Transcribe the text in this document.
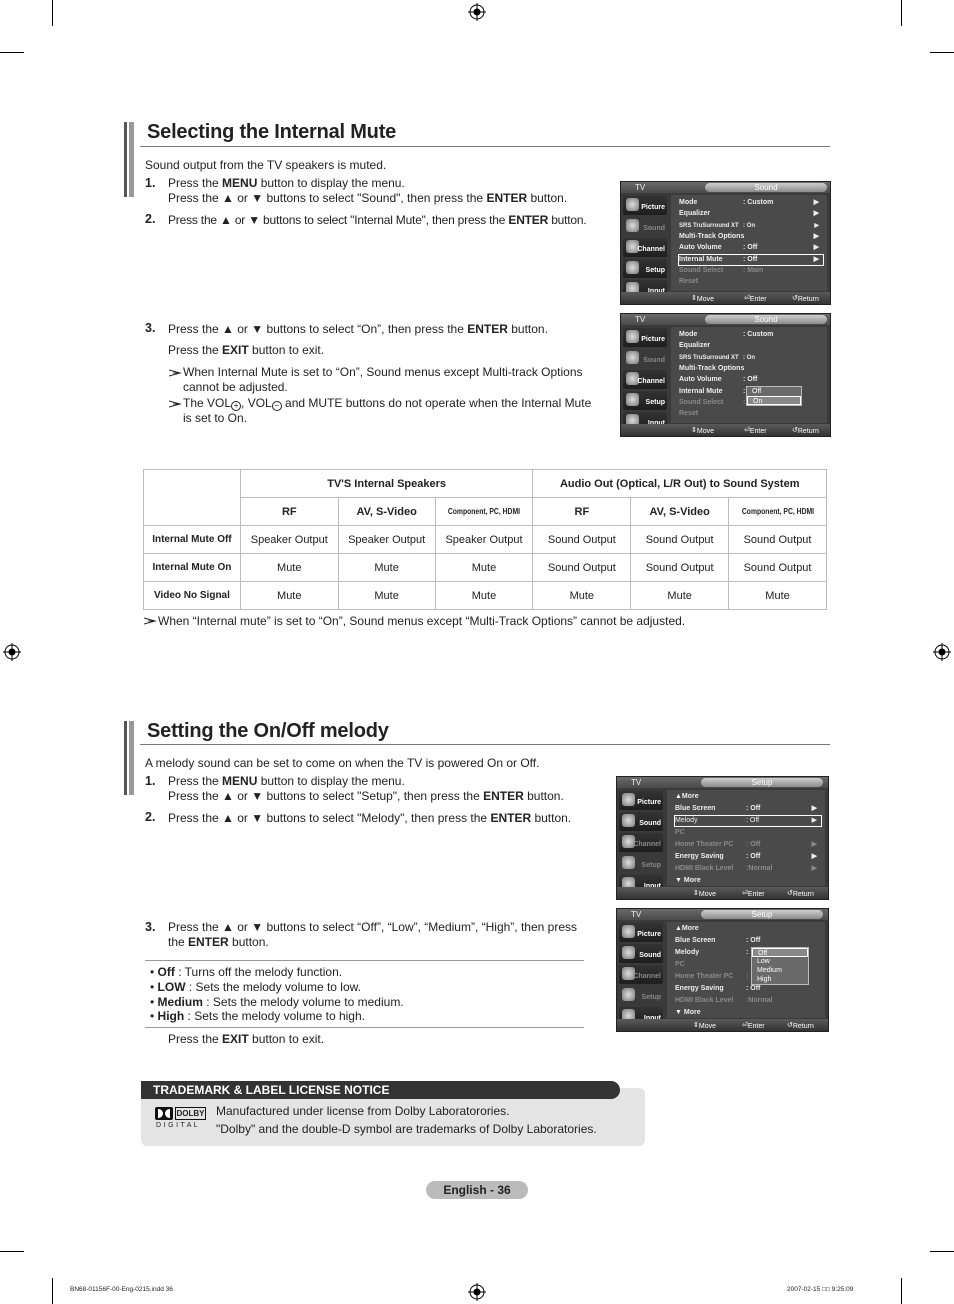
Selecting the Internal Mute
Sound output from the TV speakers is muted.
1. Press the MENU button to display the menu.
Press the ▲ or ▼ buttons to select "Sound", then press the ENTER button.
2. Press the ▲ or ▼ buttons to select "Internal Mute", then press the ENTER button.
3. Press the ▲ or ▼ buttons to select “On”, then press the ENTER button.
Press the EXIT button to exit.
When Internal Mute is set to “On”, Sound menus except Multi-track Options
cannot be adjusted.
The VOL + , VOL − and MUTE buttons do not operate when the Internal Mute
is set to On.
TV	Sound
Picture
Sound
Channel
Setup
Mode	: Custom	▶
Equalizer	▶
SRS TruSurround XT : On	▶
Multi-Track Options	▶
Auto Volume	: Off	▶
Internal Mute	: Off	▶
Sound Select	: Main
Reset
⇕ Move	⏎ Enter	↺ Return
TV	Sound
Picture
Sound
Channel
Setup
Mode	: Custom
Equalizer
SRS TruSurround XT : On
Multi-Track Options
Auto Volume	: Off
Internal Mute	:
Sound Select	:
Reset
Off
On
⇕ Move	⏎ Enter	↺ Return
	TV'S Internal Speakers			Audio Out (Optical, L/R Out) to Sound System		
	RF	AV, S-Video	Component, PC, HDMI	RF	AV, S-Video	Component, PC, HDMI
Internal Mute Off	Speaker Output	Speaker Output	Speaker Output	Sound Output	Sound Output	Sound Output
Internal Mute On	Mute	Mute	Mute	Sound Output	Sound Output	Sound Output
Video No Signal	Mute	Mute	Mute	Mute	Mute	Mute
When “Internal mute” is set to “On”, Sound menus except “Multi-Track Options” cannot be adjusted.
Setting the On/Off melody
A melody sound can be set to come on when the TV is powered On or Off.
1. Press the MENU button to display the menu.
Press the ▲ or ▼ buttons to select "Setup", then press the ENTER button.
2. Press the ▲ or ▼ buttons to select "Melody", then press the ENTER button.
3. Press the ▲ or ▼ buttons to select “Off”, “Low”, “Medium”, “High”, then press
the ENTER button.
• Off : Turns off the melody function.
• LOW : Sets the melody volume to low.
• Medium : Sets the melody volume to medium.
• High : Sets the melody volume to high.
Press the EXIT button to exit.
TV	Setup
Picture
Sound
Channel
Setup
▲More
Blue Screen	: Off	▶
Melody	: Off	▶
PC
Home Theater PC : Off	▶
Energy Saving	: Off	▶
HDMI Black Level :Normal	▶
▼ More
⇕ Move	⏎ Enter	↺ Return
TV	Setup
Picture
Sound
Channel
Setup
▲More
Blue Screen	: Off
Melody	:
PC
Home Theater PC :
Energy Saving	: Off
HDMI Black Level :Normal
▼ More
Off
Low
Medium
High
⇕ Move	⏎ Enter	↺ Return
TRADEMARK & LABEL LICENSE NOTICE
DOLBY
D I G I T A L
Manufactured under license from Dolby Laboratorories.
"Dolby" and the double-D symbol are trademarks of Dolby Laboratories.
English - 36
BN68-01156F-00-Eng-0215.indd 36	2007-02-15 □□ 9:25:09
